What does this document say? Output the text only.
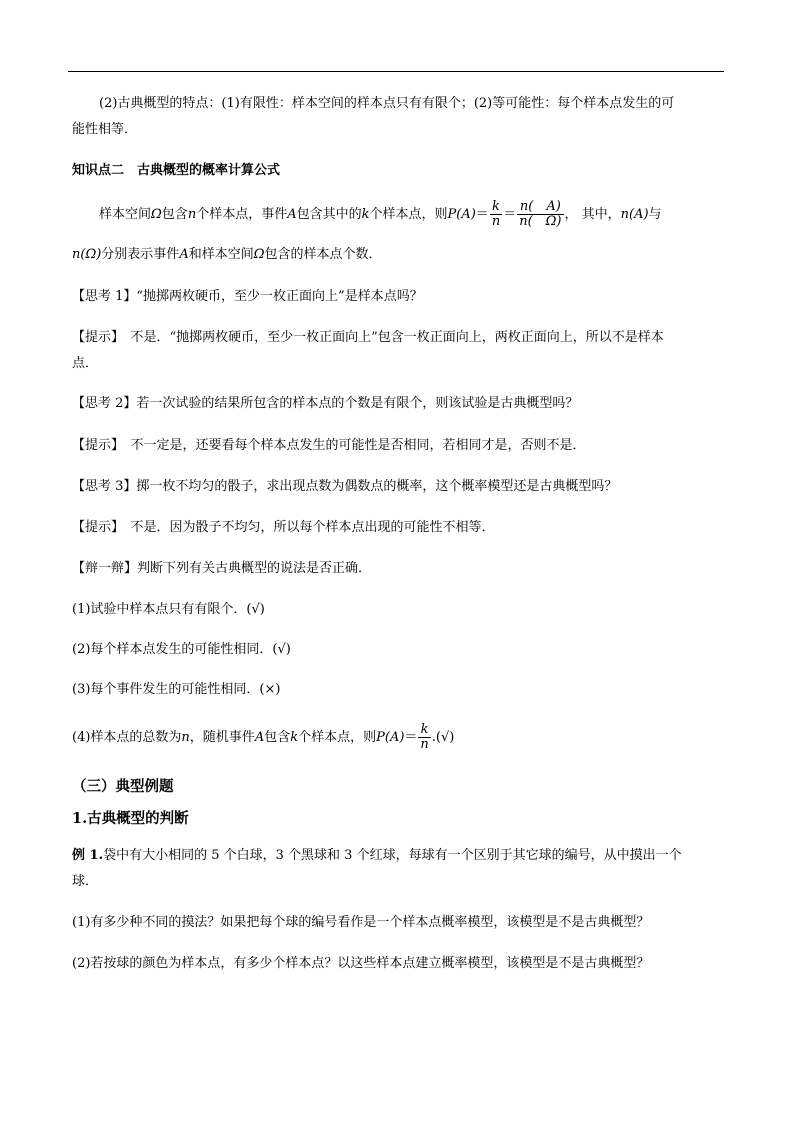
(2)古典概型的特点：(1)有限性：样本空间的样本点只有有限个；(2)等可能性：每个样本点发生的可
能性相等．
知识点二　古典概型的概率计算公式
样本空间Ω包含n个样本点，事件A包含其中的k个样本点，则$P(A)= \frac{k}{n} = \frac{n( A)}{n( \Omega)}$ ， 其中，n(A)与
n(Ω)分别表示事件A和样本空间Ω包含的样本点个数．
【思考 1】“抛掷两枚硬币，至少一枚正面向上”是样本点吗？
【提示】　不是．“抛掷两枚硬币，至少一枚正面向上”包含一枚正面向上，两枚正面向上，所以不是样本
点．
【思考 2】若一次试验的结果所包含的样本点的个数是有限个，则该试验是古典概型吗？
【提示】　不一定是，还要看每个样本点发生的可能性是否相同，若相同才是，否则不是．
【思考 3】掷一枚不均匀的骰子，求出现点数为偶数点的概率，这个概率模型还是古典概型吗？
【提示】　不是．因为骰子不均匀，所以每个样本点出现的可能性不相等．
【辩一辩】判断下列有关古典概型的说法是否正确．
(1)试验中样本点只有有限个．(√)
(2)每个样本点发生的可能性相同．(√)
(3)每个事件发生的可能性相同．(×)
(4)样本点的总数为n，随机事件A包含k个样本点，则$P(A)= \frac{k}{n}$ .(√)
（三）典型例题
1.古典概型的判断
例 1.袋中有大小相同的 5 个白球，3 个黑球和 3 个红球，每球有一个区别于其它球的编号，从中摸出一个
球．
(1)有多少种不同的摸法？如果把每个球的编号看作是一个样本点概率模型，该模型是不是古典概型？
(2)若按球的颜色为样本点，有多少个样本点？以这些样本点建立概率模型，该模型是不是古典概型？
